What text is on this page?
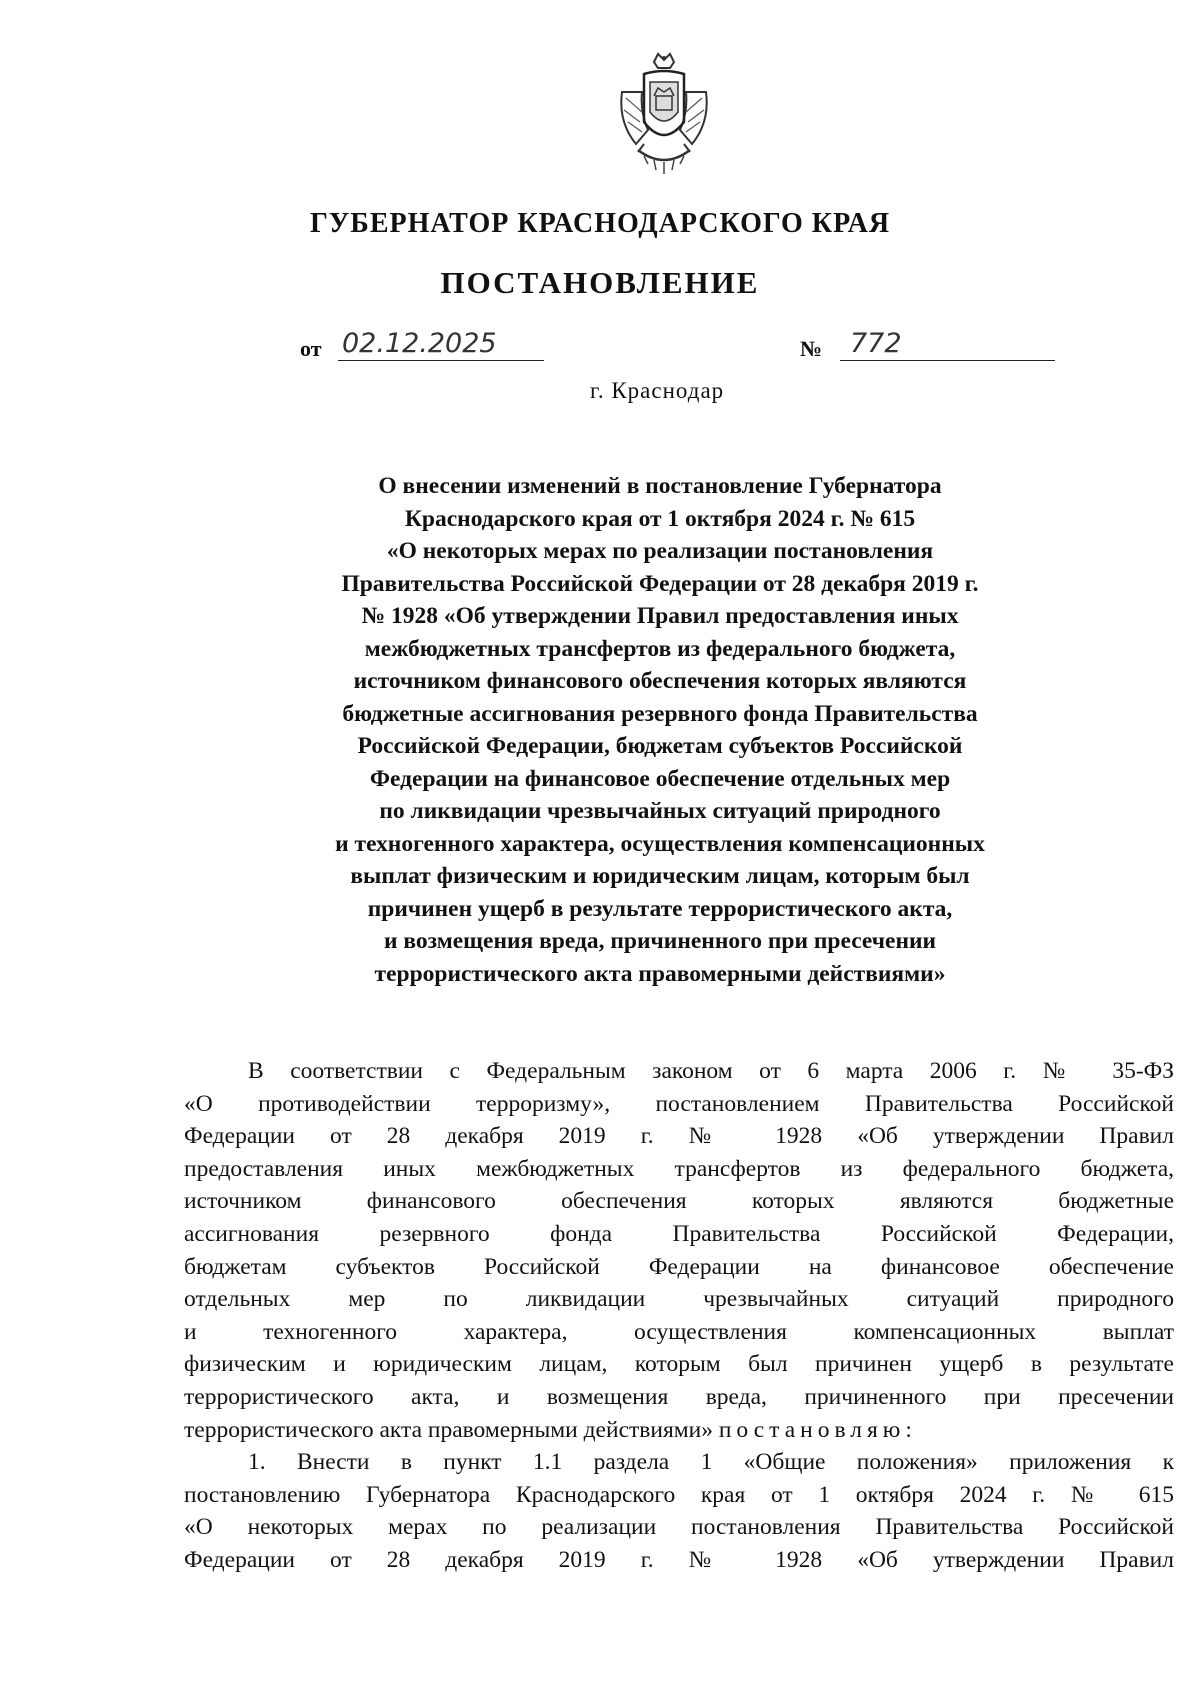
ГУБЕРНАТОР КРАСНОДАРСКОГО КРАЯ
ПОСТАНОВЛЕНИЕ
от 02.12.2025	№	772
г. Краснодар
О внесении изменений в постановление Губернатора
Краснодарского края от 1 октября 2024 г. № 615
«О некоторых мерах по реализации постановления
Правительства Российской Федерации от 28 декабря 2019 г.
№ 1928 «Об утверждении Правил предоставления иных
межбюджетных трансфертов из федерального бюджета,
источником финансового обеспечения которых являются
бюджетные ассигнования резервного фонда Правительства
Российской Федерации, бюджетам субъектов Российской
Федерации на финансовое обеспечение отдельных мер
по ликвидации чрезвычайных ситуаций природного
и техногенного характера, осуществления компенсационных
выплат физическим и юридическим лицам, которым был
причинен ущерб в результате террористического акта,
и возмещения вреда, причиненного при пресечении
террористического акта правомерными действиями»
В соответствии с Федеральным законом от 6 марта 2006 г. № 35-ФЗ
«О противодействии терроризму», постановлением Правительства Российской
Федерации от 28 декабря 2019 г. № 1928 «Об утверждении Правил
предоставления иных межбюджетных трансфертов из федерального бюджета,
источником финансового обеспечения которых являются бюджетные
ассигнования резервного фонда Правительства Российской Федерации,
бюджетам субъектов Российской Федерации на финансовое обеспечение
отдельных мер по ликвидации чрезвычайных ситуаций природного
и техногенного характера, осуществления компенсационных выплат
физическим и юридическим лицам, которым был причинен ущерб в результате
террористического акта, и возмещения вреда, причиненного при пресечении
террористического акта правомерными действиями» постановляю:
1. Внести в пункт 1.1 раздела 1 «Общие положения» приложения к
постановлению Губернатора Краснодарского края от 1 октября 2024 г. № 615
«О некоторых мерах по реализации постановления Правительства Российской
Федерации от 28 декабря 2019 г. № 1928 «Об утверждении Правил
